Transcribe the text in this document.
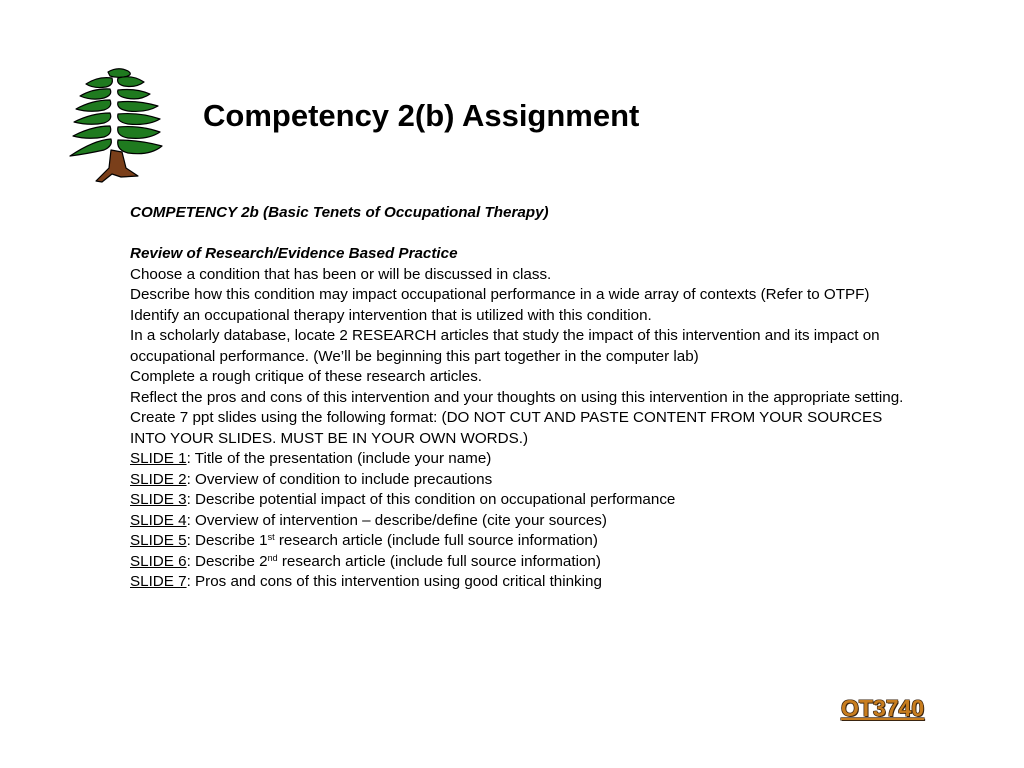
Competency 2(b) Assignment

COMPETENCY 2b (Basic Tenets of Occupational Therapy)

Review of Research/Evidence Based Practice

Choose a condition that has been or will be discussed in class.

Describe how this condition may impact occupational performance in a wide array of contexts (Refer to OTPF)

Identify an occupational therapy intervention that is utilized with this condition.

In a scholarly database, locate 2 RESEARCH articles that study the impact of this intervention and its impact on occupational performance. (We’ll be beginning this part together in the computer lab)

Complete a rough critique of these research articles.

Reflect the pros and cons of this intervention and your thoughts on using this intervention in the appropriate setting.

Create 7 ppt slides using the following format: (DO NOT CUT AND PASTE CONTENT FROM YOUR SOURCES INTO YOUR SLIDES. MUST BE IN YOUR OWN WORDS.)

SLIDE 1: Title of the presentation (include your name)

SLIDE 2: Overview of condition to include precautions

SLIDE 3: Describe potential impact of this condition on occupational performance

SLIDE 4: Overview of intervention – describe/define (cite your sources)

SLIDE 5: Describe 1st research article (include full source information)

SLIDE 6: Describe 2nd research article (include full source information)

SLIDE 7: Pros and cons of this intervention using good critical thinking

OT3740
